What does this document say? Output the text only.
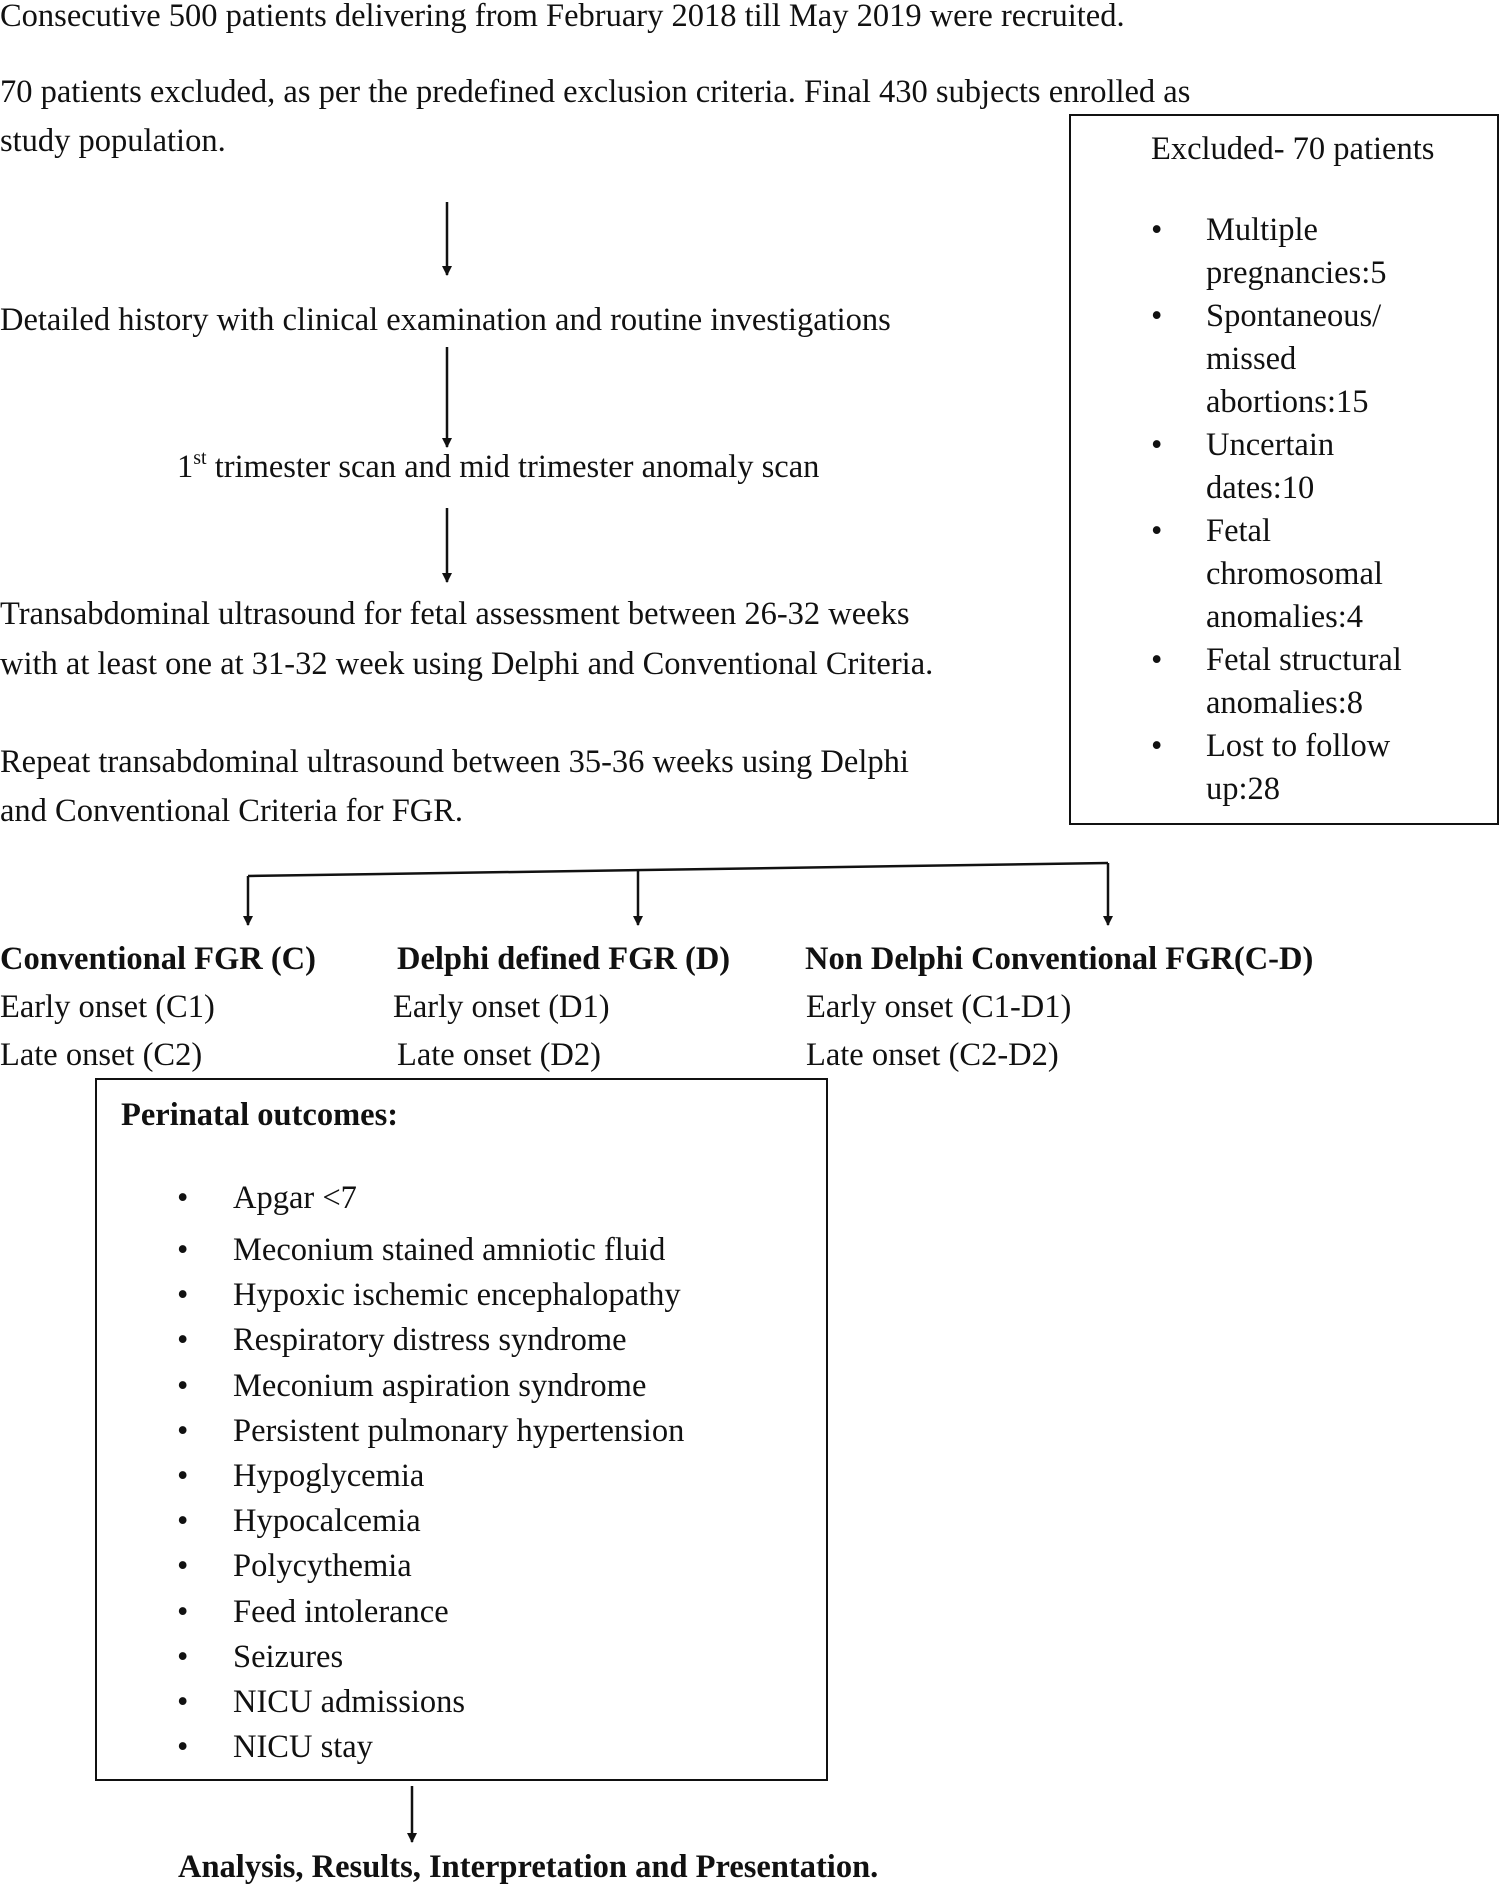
Consecutive 500 patients delivering from February 2018 till May 2019 were recruited.
70 patients excluded, as per the predefined exclusion criteria. Final 430 subjects enrolled as
study population.
Detailed history with clinical examination and routine investigations
1st trimester scan and mid trimester anomaly scan
Transabdominal ultrasound for fetal assessment between 26-32 weeks
with at least one at 31-32 week using Delphi and Conventional Criteria.
Repeat transabdominal ultrasound between 35-36 weeks using Delphi
and Conventional Criteria for FGR.
Excluded- 70 patients
• Multiple pregnancies:5
• Spontaneous/ missed abortions:15
• Uncertain dates:10
• Fetal chromosomal anomalies:4
• Fetal structural anomalies:8
• Lost to follow up:28
Conventional FGR (C) Delphi defined FGR (D) Non Delphi Conventional FGR(C-D)
Early onset (C1)	Early onset (D1)	Early onset (C1-D1)
Late onset (C2)	Late onset (D2)	Late onset (C2-D2)
Perinatal outcomes:
• Apgar <7
• Meconium stained amniotic fluid
• Hypoxic ischemic encephalopathy
• Respiratory distress syndrome
• Meconium aspiration syndrome
• Persistent pulmonary hypertension
• Hypoglycemia
• Hypocalcemia
• Polycythemia
• Feed intolerance
• Seizures
• NICU admissions
• NICU stay
Analysis, Results, Interpretation and Presentation.
